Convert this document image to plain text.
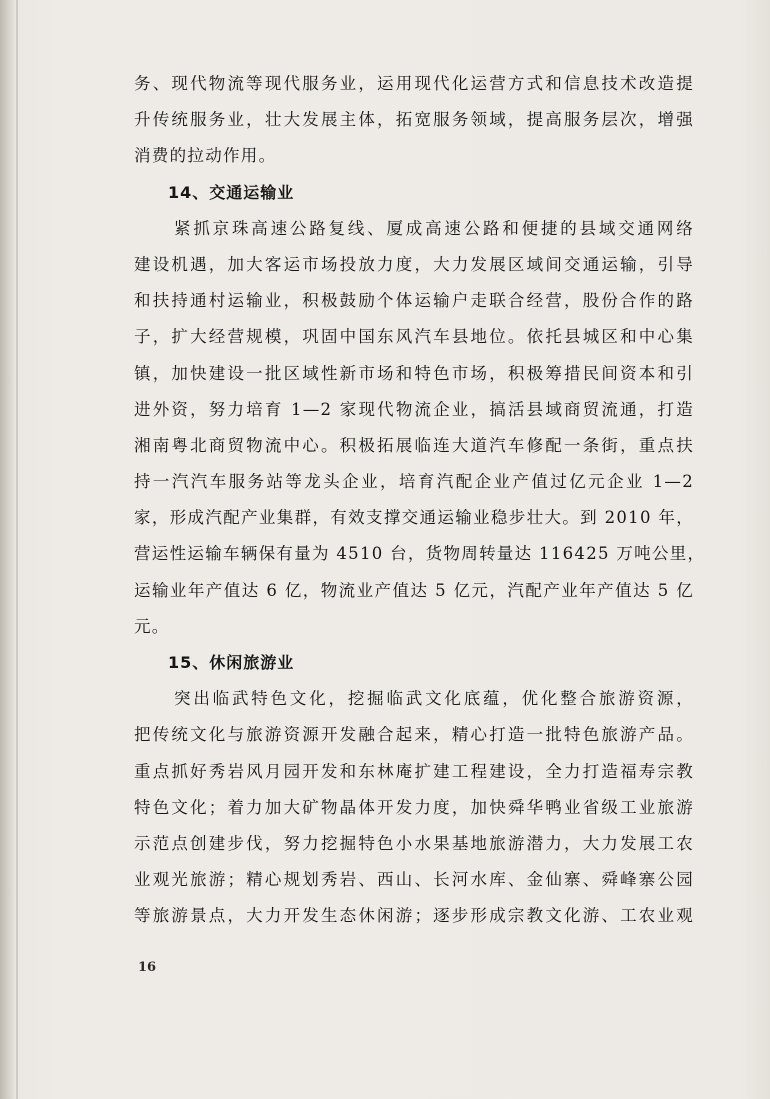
务、现代物流等现代服务业，运用现代化运营方式和信息技术改造提
升传统服务业，壮大发展主体，拓宽服务领域，提高服务层次，增强
消费的拉动作用。
14、交通运输业
紧抓京珠高速公路复线、厦成高速公路和便捷的县域交通网络
建设机遇，加大客运市场投放力度，大力发展区域间交通运输，引导
和扶持通村运输业，积极鼓励个体运输户走联合经营，股份合作的路
子，扩大经营规模，巩固中国东风汽车县地位。依托县城区和中心集
镇，加快建设一批区域性新市场和特色市场，积极筹措民间资本和引
进外资，努力培育 1—2 家现代物流企业，搞活县域商贸流通，打造
湘南粤北商贸物流中心。积极拓展临连大道汽车修配一条街，重点扶
持一汽汽车服务站等龙头企业，培育汽配企业产值过亿元企业 1—2
家，形成汽配产业集群，有效支撑交通运输业稳步壮大。到 2010 年，
营运性运输车辆保有量为 4510 台，货物周转量达 116425 万吨公里，
运输业年产值达 6 亿，物流业产值达 5 亿元，汽配产业年产值达 5 亿
元。
15、休闲旅游业
突出临武特色文化，挖掘临武文化底蕴，优化整合旅游资源，
把传统文化与旅游资源开发融合起来，精心打造一批特色旅游产品。
重点抓好秀岩风月园开发和东林庵扩建工程建设，全力打造福寿宗教
特色文化；着力加大矿物晶体开发力度，加快舜华鸭业省级工业旅游
示范点创建步伐，努力挖掘特色小水果基地旅游潜力，大力发展工农
业观光旅游；精心规划秀岩、西山、长河水库、金仙寨、舜峰寨公园
等旅游景点，大力开发生态休闲游；逐步形成宗教文化游、工农业观
16
